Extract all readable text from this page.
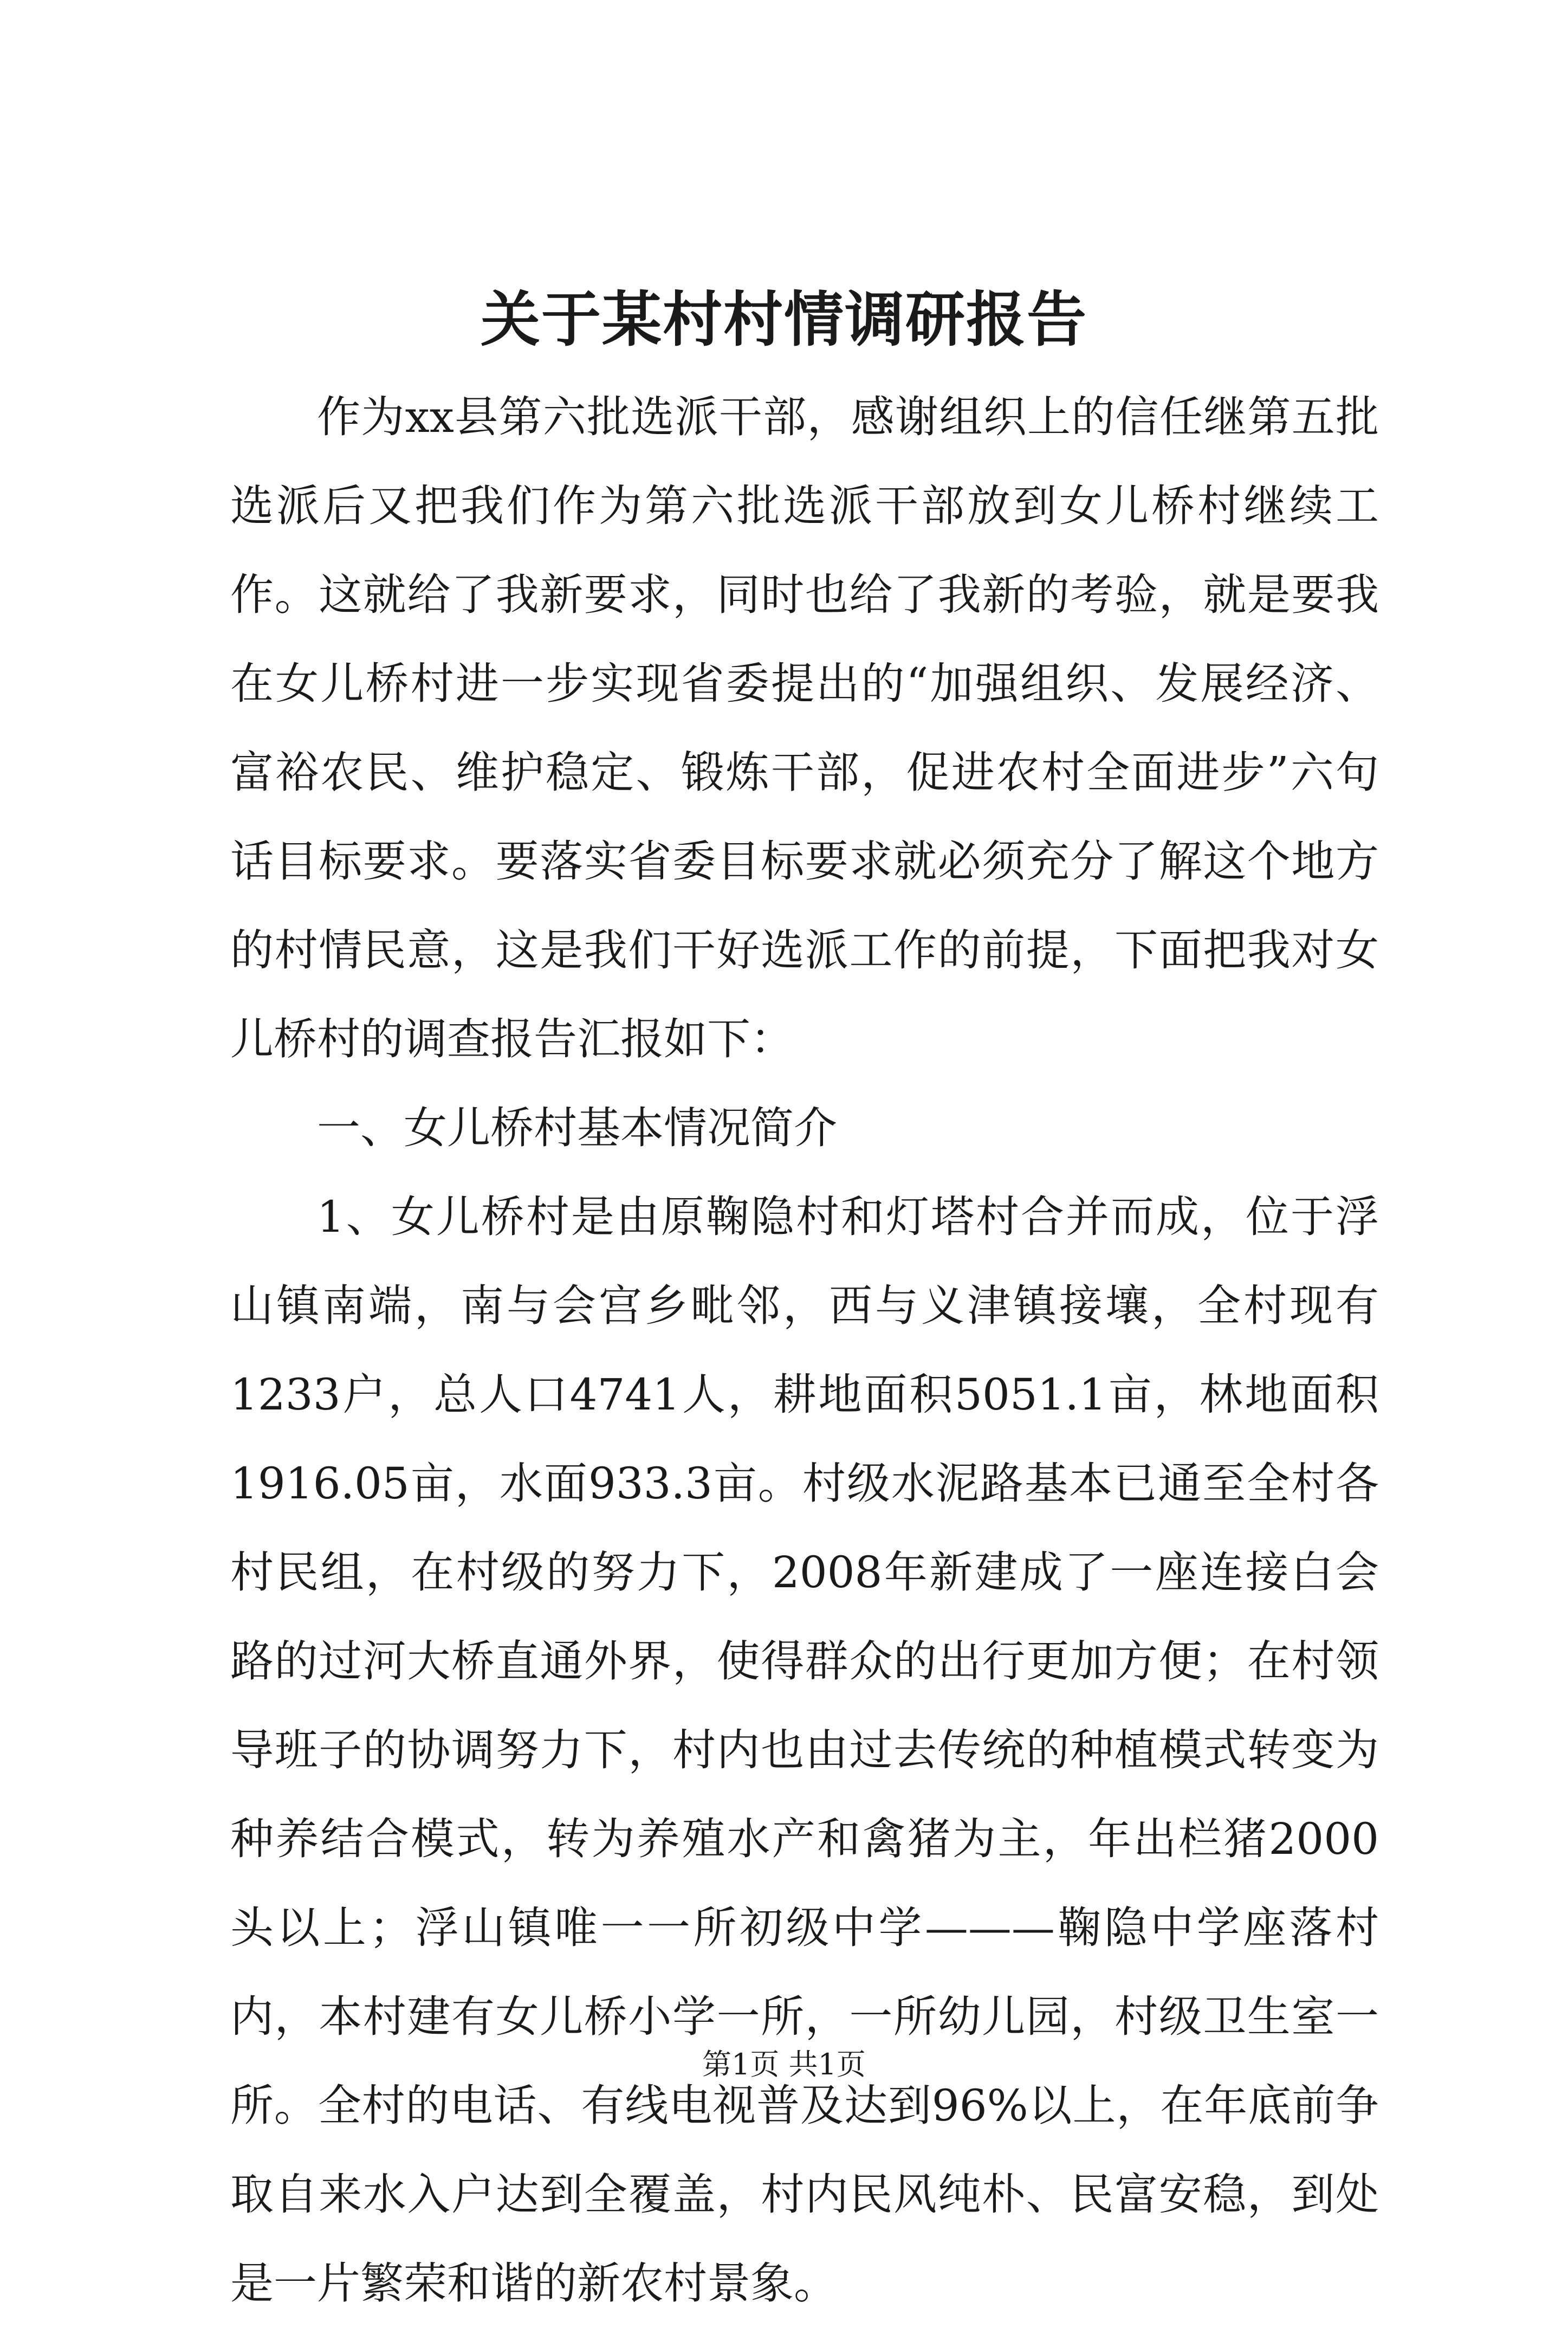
关于某村村情调研报告

作为xx县第六批选派干部，感谢组织上的信任继第五批选派后又把我们作为第六批选派干部放到女儿桥村继续工作。这就给了我新要求，同时也给了我新的考验，就是要我在女儿桥村进一步实现省委提出的“加强组织、发展经济、富裕农民、维护稳定、锻炼干部，促进农村全面进步”六句话目标要求。要落实省委目标要求就必须充分了解这个地方的村情民意，这是我们干好选派工作的前提，下面把我对女儿桥村的调查报告汇报如下：

一、女儿桥村基本情况简介

1、女儿桥村是由原鞠隐村和灯塔村合并而成，位于浮山镇南端，南与会宫乡毗邻，西与义津镇接壤，全村现有1233户，总人口4741人，耕地面积5051.1亩，林地面积1916.05亩，水面933.3亩。村级水泥路基本已通至全村各村民组，在村级的努力下，2008年新建成了一座连接白会路的过河大桥直通外界，使得群众的出行更加方便；在村领导班子的协调努力下，村内也由过去传统的种植模式转变为种养结合模式，转为养殖水产和禽猪为主，年出栏猪2000头以上；浮山镇唯一一所初级中学———鞠隐中学座落村内，本村建有女儿桥小学一所，一所幼儿园，村级卫生室一所。全村的电话、有线电视普及达到96%以上，在年底前争取自来水入户达到全覆盖，村内民风纯朴、民富安稳，到处是一片繁荣和谐的新农村景象。

第1页 共1页
